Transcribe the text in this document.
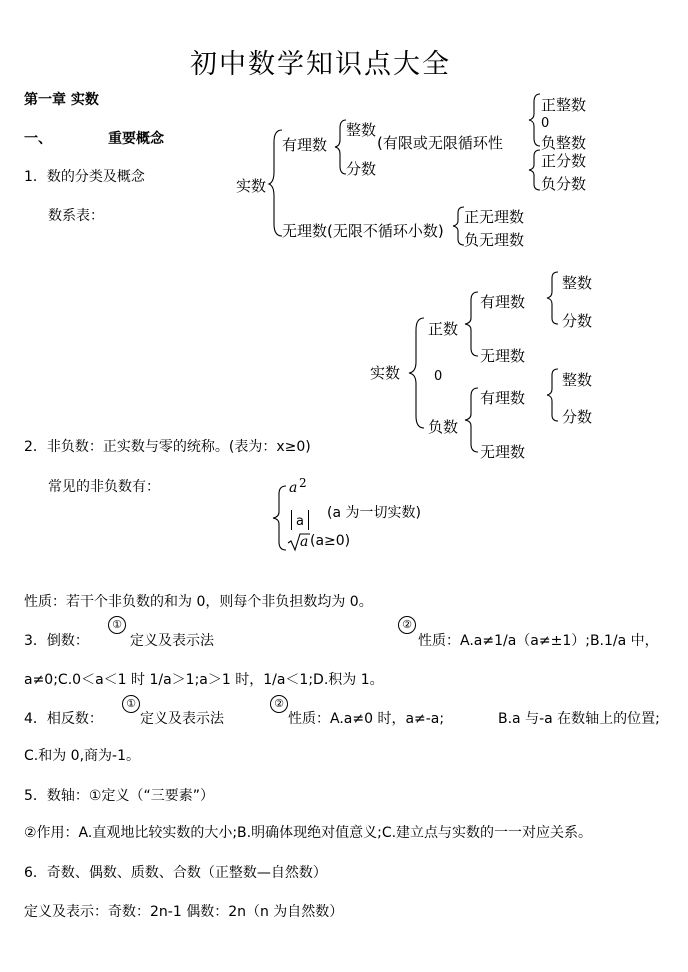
初中数学知识点大全
第一章 实数
一、	重要概念
1．数的分类及概念
数系表：
实数
有理数
整数
(有限或无限循环性
分数
正整数
0
负整数
正分数
负分数
无理数(无限不循环小数)
正无理数
负无理数
实数
正数
0
负数
有理数
无理数
整数
分数
有理数
无理数
整数
分数
2．非负数：正实数与零的统称。(表为：x≥0)
常见的非负数有：	a 2
a
(a 为一切实数)
a (a≥0)
性质：若干个非负数的和为 0，则每个非负担数均为 0。
3．倒数：
①
定义及表示法
②
性质：A.a≠1/a（a≠±1）;B.1/a 中，
a≠0;C.0＜a＜1 时 1/a＞1;a＞1 时，1/a＜1;D.积为 1。
4．相反数：
①
定义及表示法
②
性质：A.a≠0 时，a≠-a;	B.a 与-a 在数轴上的位置;
C.和为 0,商为-1。
5．数轴：①定义（“三要素”）
②作用：A.直观地比较实数的大小;B.明确体现绝对值意义;C.建立点与实数的一一对应关系。
6．奇数、偶数、质数、合数（正整数—自然数）
定义及表示：奇数：2n-1 偶数：2n（n 为自然数）
